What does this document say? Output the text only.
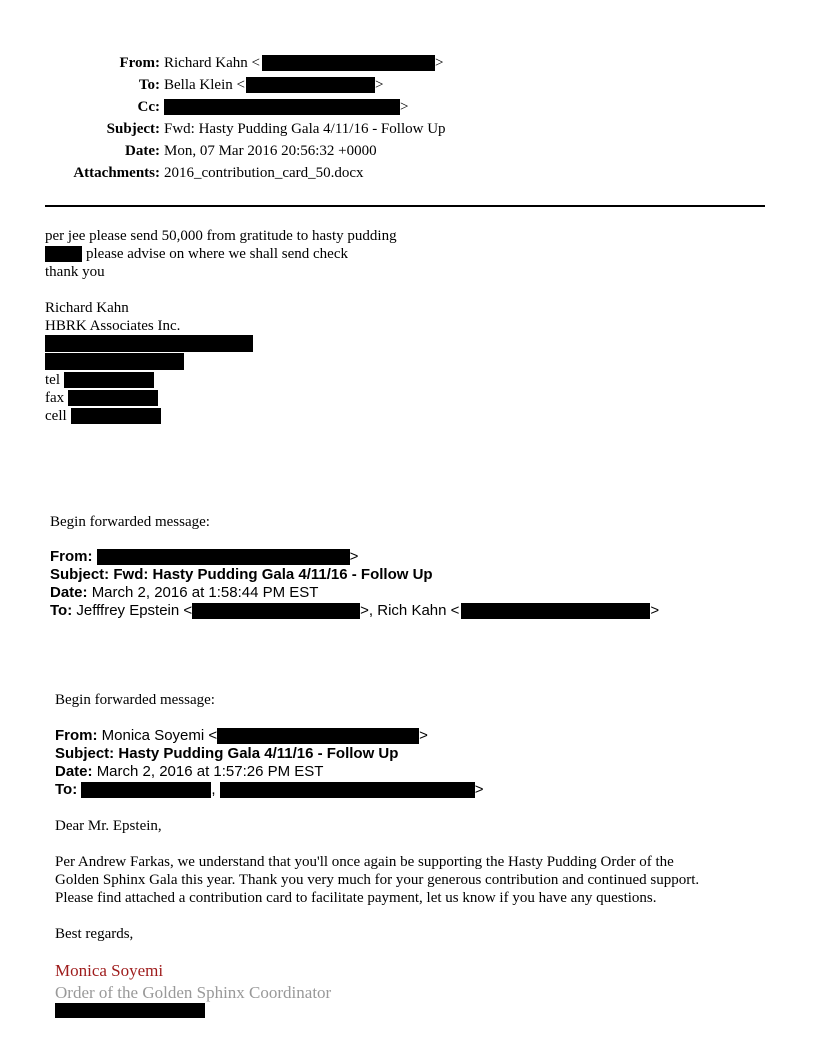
From: Richard Kahn <	>
To: Bella Klein <	>
Cc:	>
Subject: Fwd: Hasty Pudding Gala 4/11/16 - Follow Up
Date: Mon, 07 Mar 2016 20:56:32 +0000
Attachments: 2016_contribution_card_50.docx
per jee please send 50,000 from gratitude to hasty pudding
please advise on where we shall send check
thank you
Richard Kahn
HBRK Associates Inc.
tel
fax
cell
Begin forwarded message:
From:	>
Subject: Fwd: Hasty Pudding Gala 4/11/16 - Follow Up
Date: March 2, 2016 at 1:58:44 PM EST
To: Jefffrey Epstein <	>, Rich Kahn <	>
Begin forwarded message:
From: Monica Soyemi <	>
Subject: Hasty Pudding Gala 4/11/16 - Follow Up
Date: March 2, 2016 at 1:57:26 PM EST
To:	,	>
Dear Mr. Epstein,
Per Andrew Farkas, we understand that you'll once again be supporting the Hasty Pudding Order of the
Golden Sphinx Gala this year. Thank you very much for your generous contribution and continued support.
Please find attached a contribution card to facilitate payment, let us know if you have any questions.
Best regards,
Monica Soyemi
Order of the Golden Sphinx Coordinator
